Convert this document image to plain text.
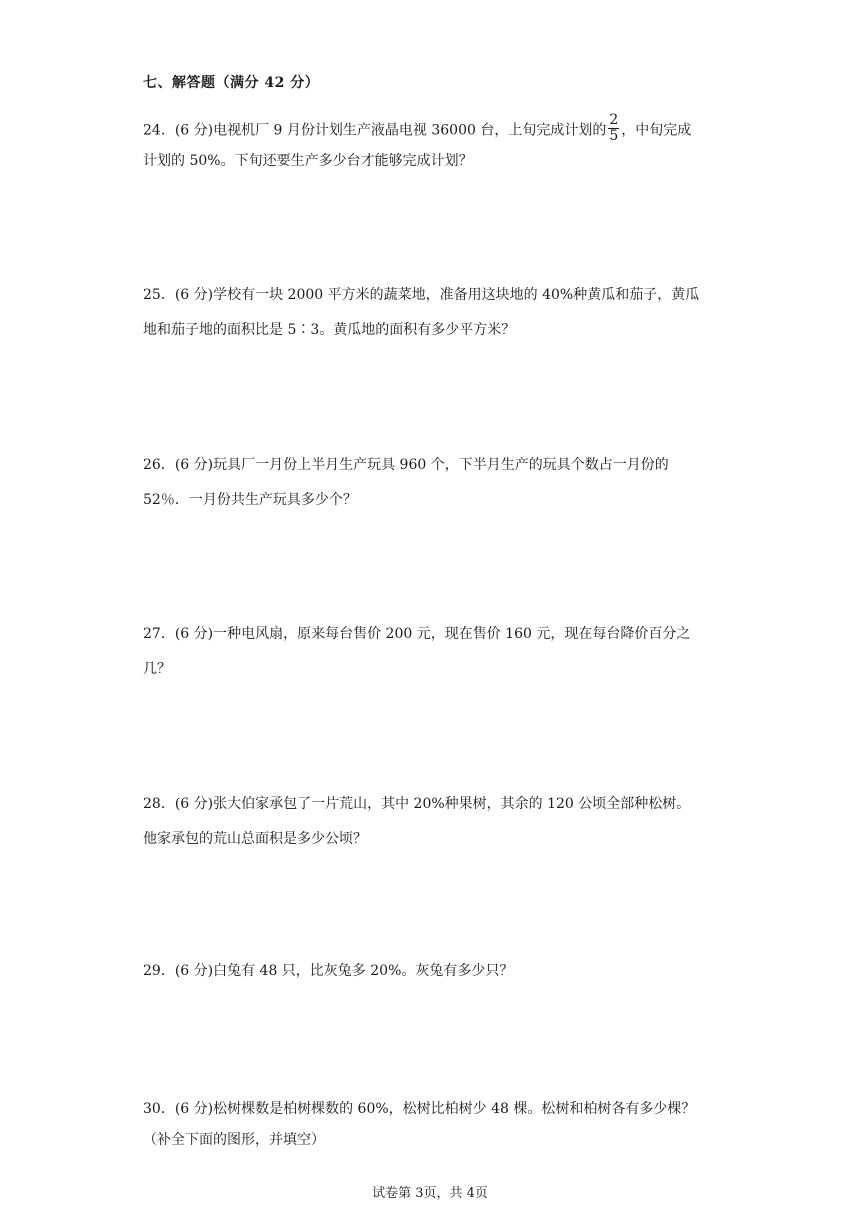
七、解答题（满分 42 分）
24．(6 分)电视机厂 9 月份计划生产液晶电视 36000 台，上旬完成计划的 $\frac{2}{5}$ ，中旬完成
计划的 50%。下旬还要生产多少台才能够完成计划？
25．(6 分)学校有一块 2000 平方米的蔬菜地，准备用这块地的 40%种黄瓜和茄子，黄瓜
地和茄子地的面积比是 5∶3。黄瓜地的面积有多少平方米？
26．(6 分)玩具厂一月份上半月生产玩具 960 个，下半月生产的玩具个数占一月份的
52％．一月份共生产玩具多少个？
27．(6 分)一种电风扇，原来每台售价 200 元，现在售价 160 元，现在每台降价百分之
几？
28．(6 分)张大伯家承包了一片荒山，其中 20%种果树，其余的 120 公顷全部种松树。
他家承包的荒山总面积是多少公顷？
29．(6 分)白兔有 48 只，比灰兔多 20%。灰兔有多少只？
30．(6 分)松树棵数是柏树棵数的 60%，松树比柏树少 48 棵。松树和柏树各有多少棵？
（补全下面的图形，并填空）
试卷第 3页，共 4页
